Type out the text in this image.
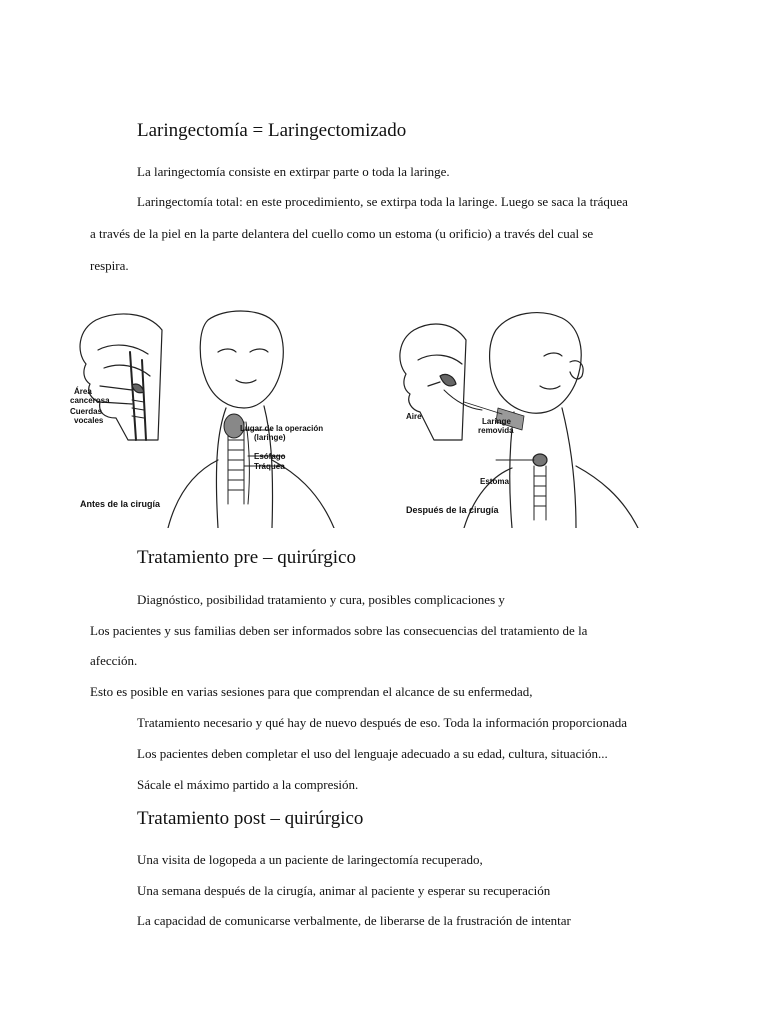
Laringectomía = Laringectomizado
La laringectomía consiste en extirpar parte o toda la laringe.
Laringectomía total: en este procedimiento, se extirpa toda la laringe. Luego se saca la tráquea
a través de la piel en la parte delantera del cuello como un estoma (u orificio) a través del cual se
respira.
Área
cancerosa
Cuerdas
vocales
Lugar de la operación
(laringe)
Esófago
Tráquea
Antes de la cirugía
Aire
Laringe
removida
Estoma
Después de la cirugía
Tratamiento pre – quirúrgico
Diagnóstico, posibilidad tratamiento y cura, posibles complicaciones y
Los pacientes y sus familias deben ser informados sobre las consecuencias del tratamiento de la
afección.
Esto es posible en varias sesiones para que comprendan el alcance de su enfermedad,
Tratamiento necesario y qué hay de nuevo después de eso. Toda la información proporcionada
Los pacientes deben completar el uso del lenguaje adecuado a su edad, cultura, situación...
Sácale el máximo partido a la compresión.
Tratamiento post – quirúrgico
Una visita de logopeda a un paciente de laringectomía recuperado,
Una semana después de la cirugía, animar al paciente y esperar su recuperación
La capacidad de comunicarse verbalmente, de liberarse de la frustración de intentar
